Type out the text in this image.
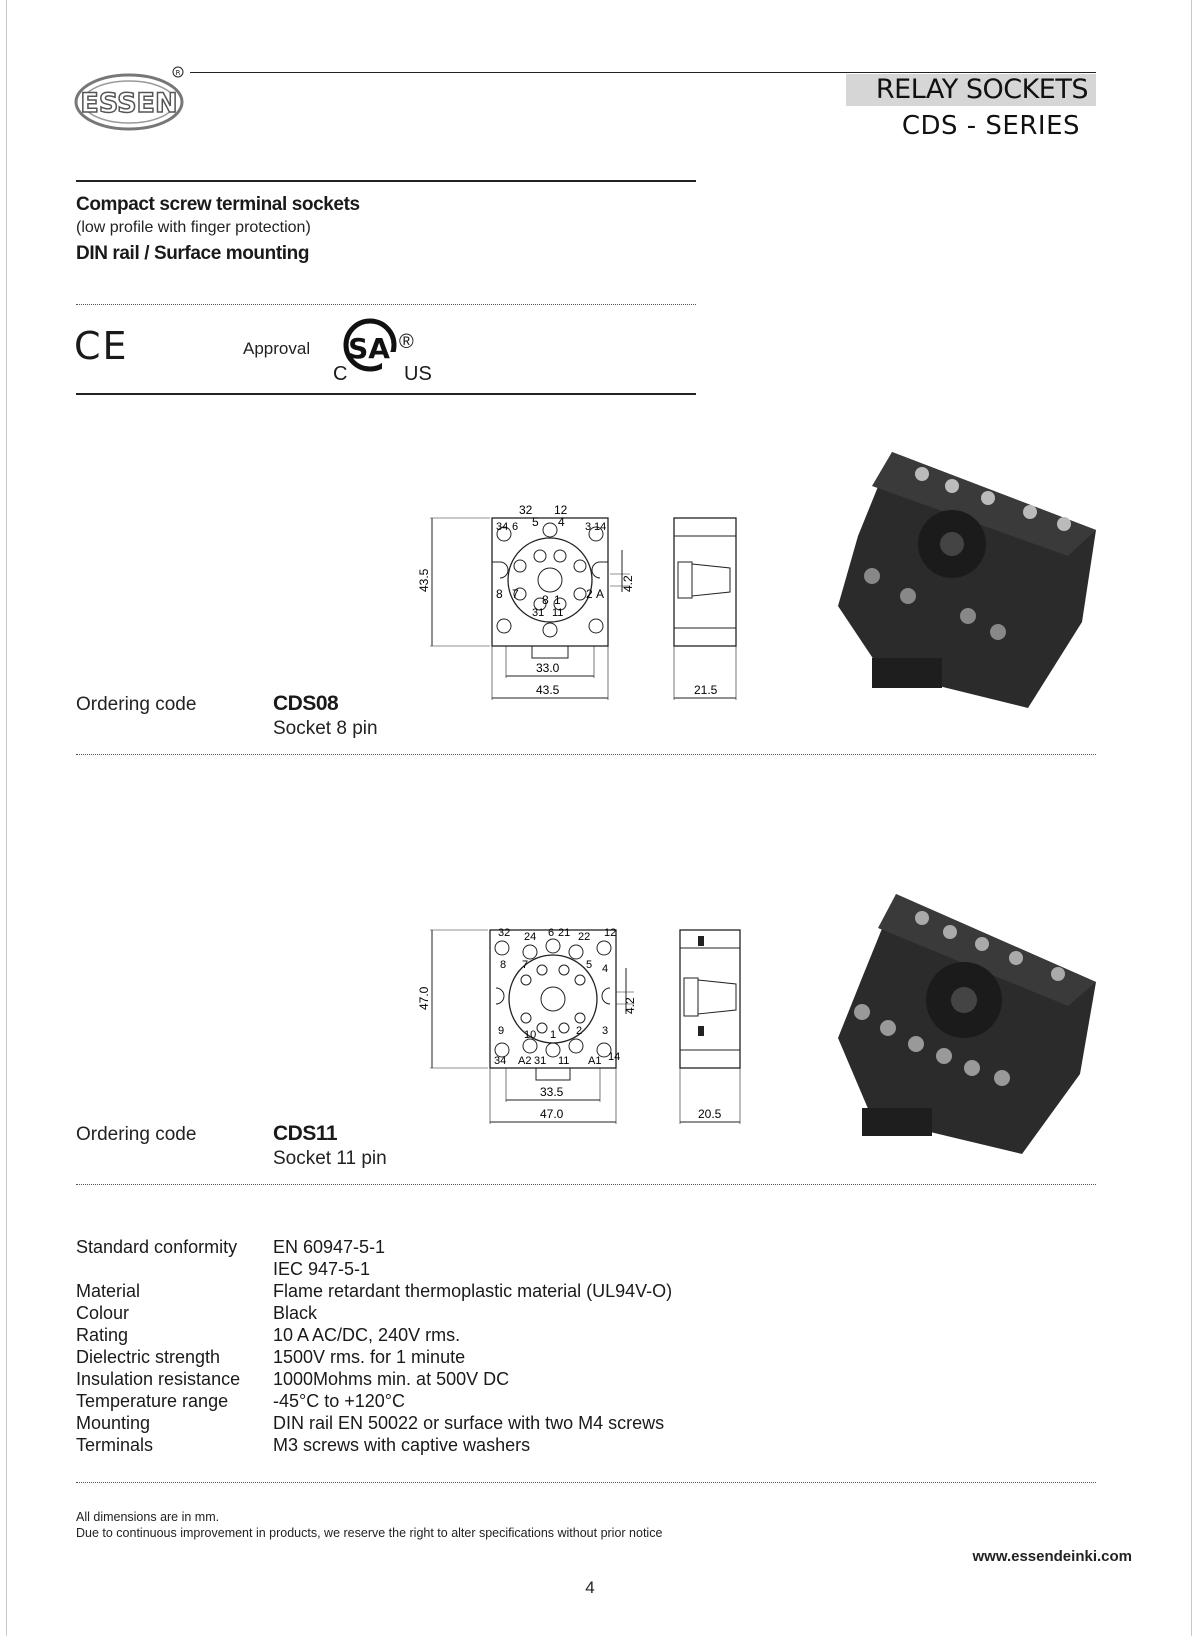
ESSEN
R
RELAY SOCKETS
CDS - SERIES
Compact screw terminal sockets
(low profile with finger protection)
DIN rail / Surface mounting
CE	Approval SA ®
C	US
32 12
5 4
34 6	3 14
8 7 8 1 2 A
31 11
43.5	4.2
33.0
43.5	21.5
Ordering code	CDS08
Socket 8 pin
32 24 6 21 22 12
8 7	5 4
9 10 1 2 3
34 A2 31 11 A1 14
47.0	4.2
33.5
47.0	20.5
Ordering code	CDS11
Socket 11 pin
Standard conformity EN 60947-5-1
IEC 947-5-1
Material	Flame retardant thermoplastic material (UL94V-O)
Colour	Black
Rating	10 A AC/DC, 240V rms.
Dielectric strength	1500V rms. for 1 minute
Insulation resistance 1000Mohms min. at 500V DC
Temperature range -45°C to +120°C
Mounting	DIN rail EN 50022 or surface with two M4 screws
Terminals	M3 screws with captive washers
All dimensions are in mm.
Due to continuous improvement in products, we reserve the right to alter specifications without prior notice
www.essendeinki.com
4
